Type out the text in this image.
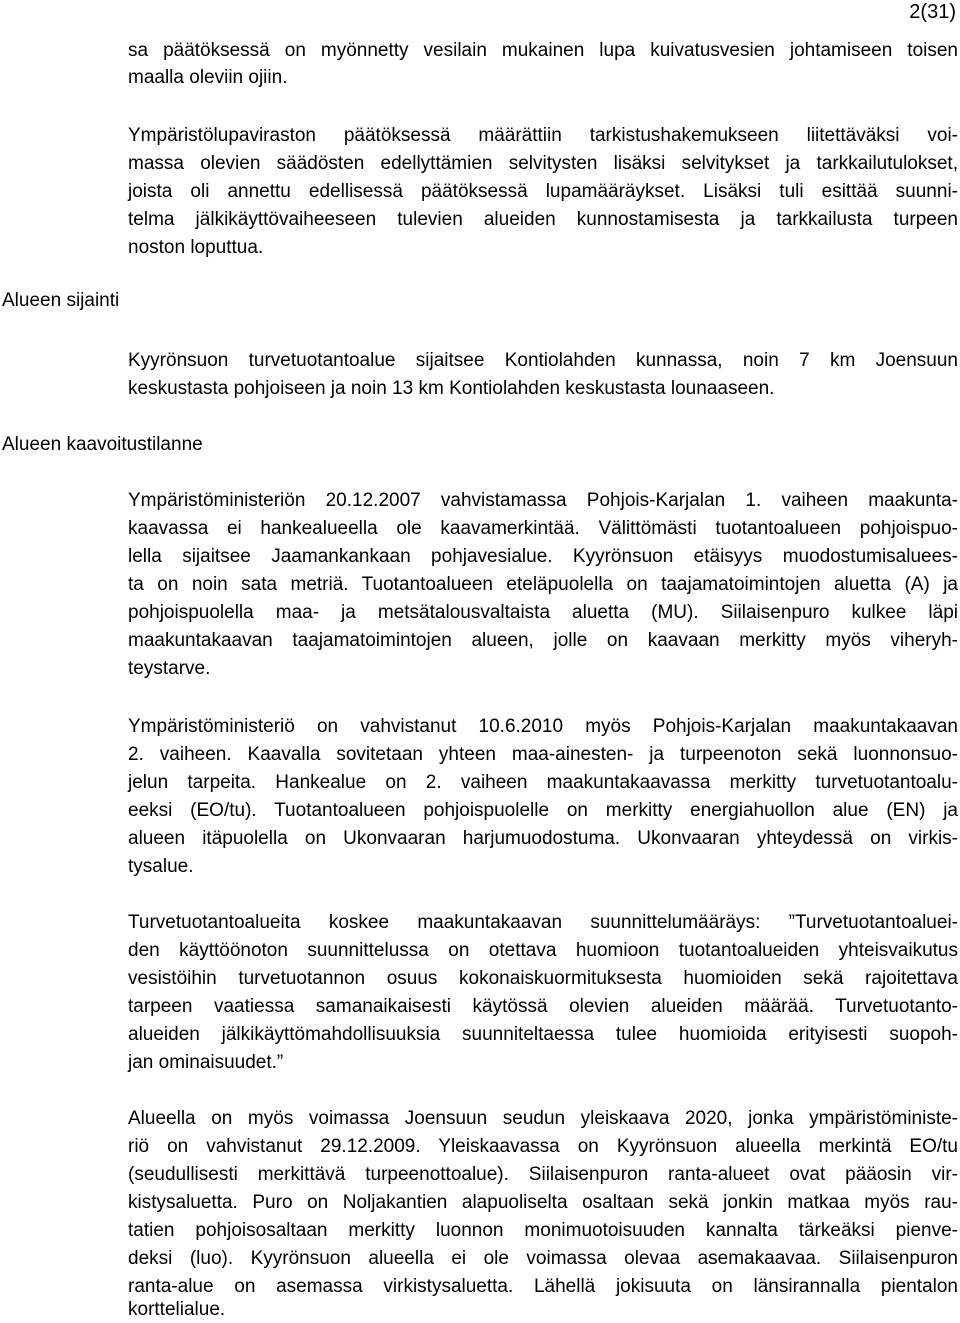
2(31)
Alueen sijainti
Alueen kaavoitustilanne
sa päätöksessä on myönnetty vesilain mukainen lupa kuivatusvesien johtamiseen toisen
maalla oleviin ojiin.
Ympäristölupaviraston päätöksessä määrättiin tarkistushakemukseen liitettäväksi voi-
massa olevien säädösten edellyttämien selvitysten lisäksi selvitykset ja tarkkailutulokset,
joista oli annettu edellisessä päätöksessä lupamääräykset. Lisäksi tuli esittää suunni-
telma jälkikäyttövaiheeseen tulevien alueiden kunnostamisesta ja tarkkailusta turpeen
noston loputtua.
Kyyrönsuon turvetuotantoalue sijaitsee Kontiolahden kunnassa, noin 7 km Joensuun
keskustasta pohjoiseen ja noin 13 km Kontiolahden keskustasta lounaaseen.
Ympäristöministeriön 20.12.2007 vahvistamassa Pohjois-Karjalan 1. vaiheen maakunta-
kaavassa ei hankealueella ole kaavamerkintää. Välittömästi tuotantoalueen pohjoispuo-
lella sijaitsee Jaamankankaan pohjavesialue. Kyyrönsuon etäisyys muodostumisaluees-
ta on noin sata metriä. Tuotantoalueen eteläpuolella on taajamatoimintojen aluetta (A) ja
pohjoispuolella maa- ja metsätalousvaltaista aluetta (MU). Siilaisenpuro kulkee läpi
maakuntakaavan taajamatoimintojen alueen, jolle on kaavaan merkitty myös viheryh-
teystarve.
Ympäristöministeriö on vahvistanut 10.6.2010 myös Pohjois-Karjalan maakuntakaavan
2. vaiheen. Kaavalla sovitetaan yhteen maa-ainesten- ja turpeenoton sekä luonnonsuo-
jelun tarpeita. Hankealue on 2. vaiheen maakuntakaavassa merkitty turvetuotantoalu-
eeksi (EO/tu). Tuotantoalueen pohjoispuolelle on merkitty energiahuollon alue (EN) ja
alueen itäpuolella on Ukonvaaran harjumuodostuma. Ukonvaaran yhteydessä on virkis-
tysalue.
Turvetuotantoalueita koskee maakuntakaavan suunnittelumääräys: ”Turvetuotantoaluei-
den käyttöönoton suunnittelussa on otettava huomioon tuotantoalueiden yhteisvaikutus
vesistöihin turvetuotannon osuus kokonaiskuormituksesta huomioiden sekä rajoitettava
tarpeen vaatiessa samanaikaisesti käytössä olevien alueiden määrää. Turvetuotanto-
alueiden jälkikäyttömahdollisuuksia suunniteltaessa tulee huomioida erityisesti suopoh-
jan ominaisuudet.”
Alueella on myös voimassa Joensuun seudun yleiskaava 2020, jonka ympäristöministe-
riö on vahvistanut 29.12.2009. Yleiskaavassa on Kyyrönsuon alueella merkintä EO/tu
(seudullisesti merkittävä turpeenottoalue). Siilaisenpuron ranta-alueet ovat pääosin vir-
kistysaluetta. Puro on Noljakantien alapuoliselta osaltaan sekä jonkin matkaa myös rau-
tatien pohjoisosaltaan merkitty luonnon monimuotoisuuden kannalta tärkeäksi pienve-
deksi (luo). Kyyrönsuon alueella ei ole voimassa olevaa asemakaavaa. Siilaisenpuron
ranta-alue on asemassa virkistysaluetta. Lähellä jokisuuta on länsirannalla pientalon
korttelialue.
